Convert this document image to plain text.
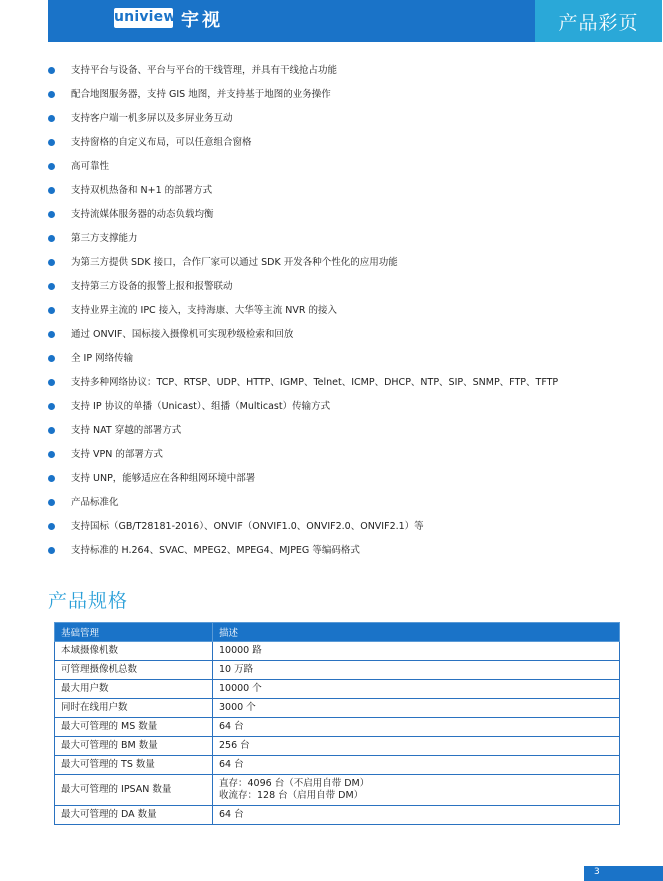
uniview 宇视	产品彩页
支持平台与设备、平台与平台的干线管理，并具有干线抢占功能
配合地图服务器，支持 GIS 地图，并支持基于地图的业务操作
支持客户端一机多屏以及多屏业务互动
支持窗格的自定义布局，可以任意组合窗格
高可靠性
支持双机热备和 N+1 的部署方式
支持流媒体服务器的动态负载均衡
第三方支撑能力
为第三方提供 SDK 接口，合作厂家可以通过 SDK 开发各种个性化的应用功能
支持第三方设备的报警上报和报警联动
支持业界主流的 IPC 接入，支持海康、大华等主流 NVR 的接入
通过 ONVIF、国标接入摄像机可实现秒级检索和回放
全 IP 网络传输
支持多种网络协议：TCP、RTSP、UDP、HTTP、IGMP、Telnet、ICMP、DHCP、NTP、SIP、SNMP、FTP、TFTP
支持 IP 协议的单播（Unicast）、组播（Multicast）传输方式
支持 NAT 穿越的部署方式
支持 VPN 的部署方式
支持 UNP，能够适应在各种组网环境中部署
产品标准化
支持国标（GB/T28181-2016）、ONVIF（ONVIF1.0、ONVIF2.0、ONVIF2.1）等
支持标准的 H.264、SVAC、MPEG2、MPEG4、MJPEG 等编码格式
产品规格
基础管理	描述
本域摄像机数	10000 路
可管理摄像机总数	10 万路
最大用户数	10000 个
同时在线用户数	3000 个
最大可管理的 MS 数量	64 台
最大可管理的 BM 数量	256 台
最大可管理的 TS 数量	64 台
最大可管理的 IPSAN 数量	直存：4096 台（不启用自带 DM）
收流存：128 台（启用自带 DM）

最大可管理的 DA 数量	64 台
3
